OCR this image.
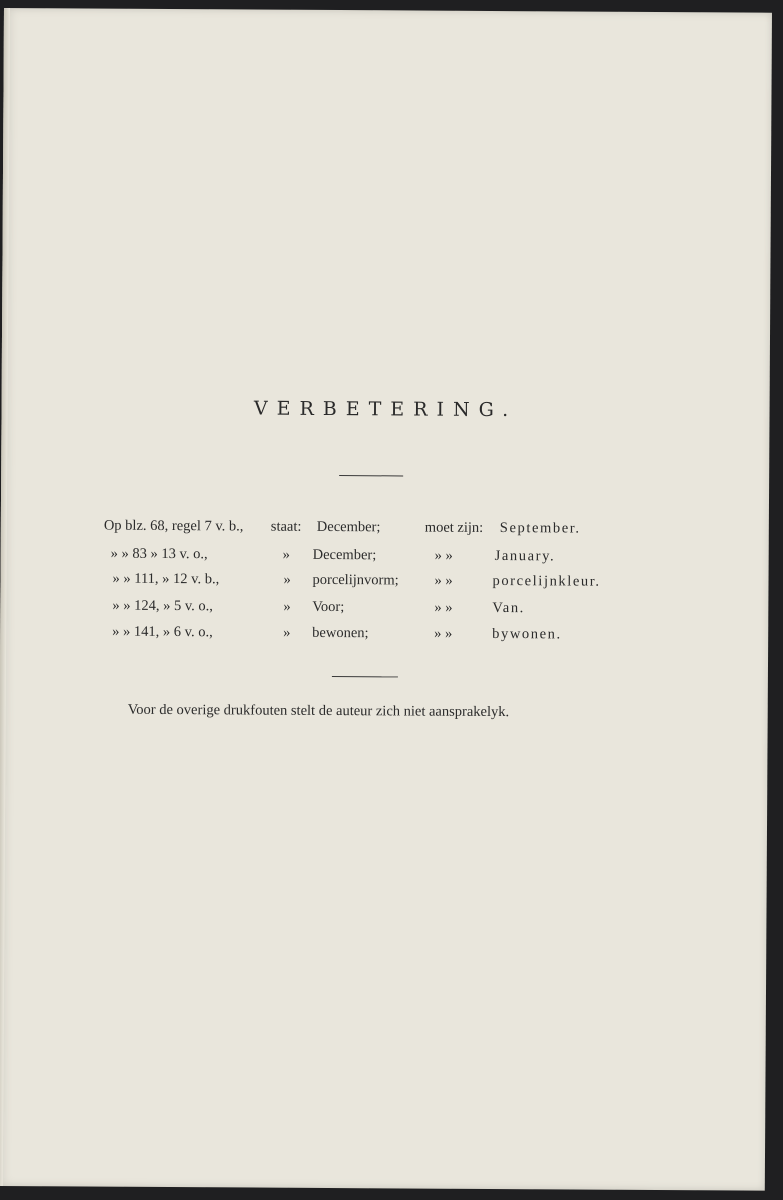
VERBETERING.
Op blz. 68, regel 7 v. b., staat: December;	moet zijn: September.
» » 83 » 13 v. o.,	» December;	» »	January.
» » 111, » 12 v. b.,	» porcelijnvorm; » »	porcelijnkleur.
» » 124, » 5 v. o.,	» Voor;	» »	Van.
» » 141, » 6 v. o.,	» bewonen;	» »	bywonen.
Voor de overige drukfouten stelt de auteur zich niet aansprakelyk.
